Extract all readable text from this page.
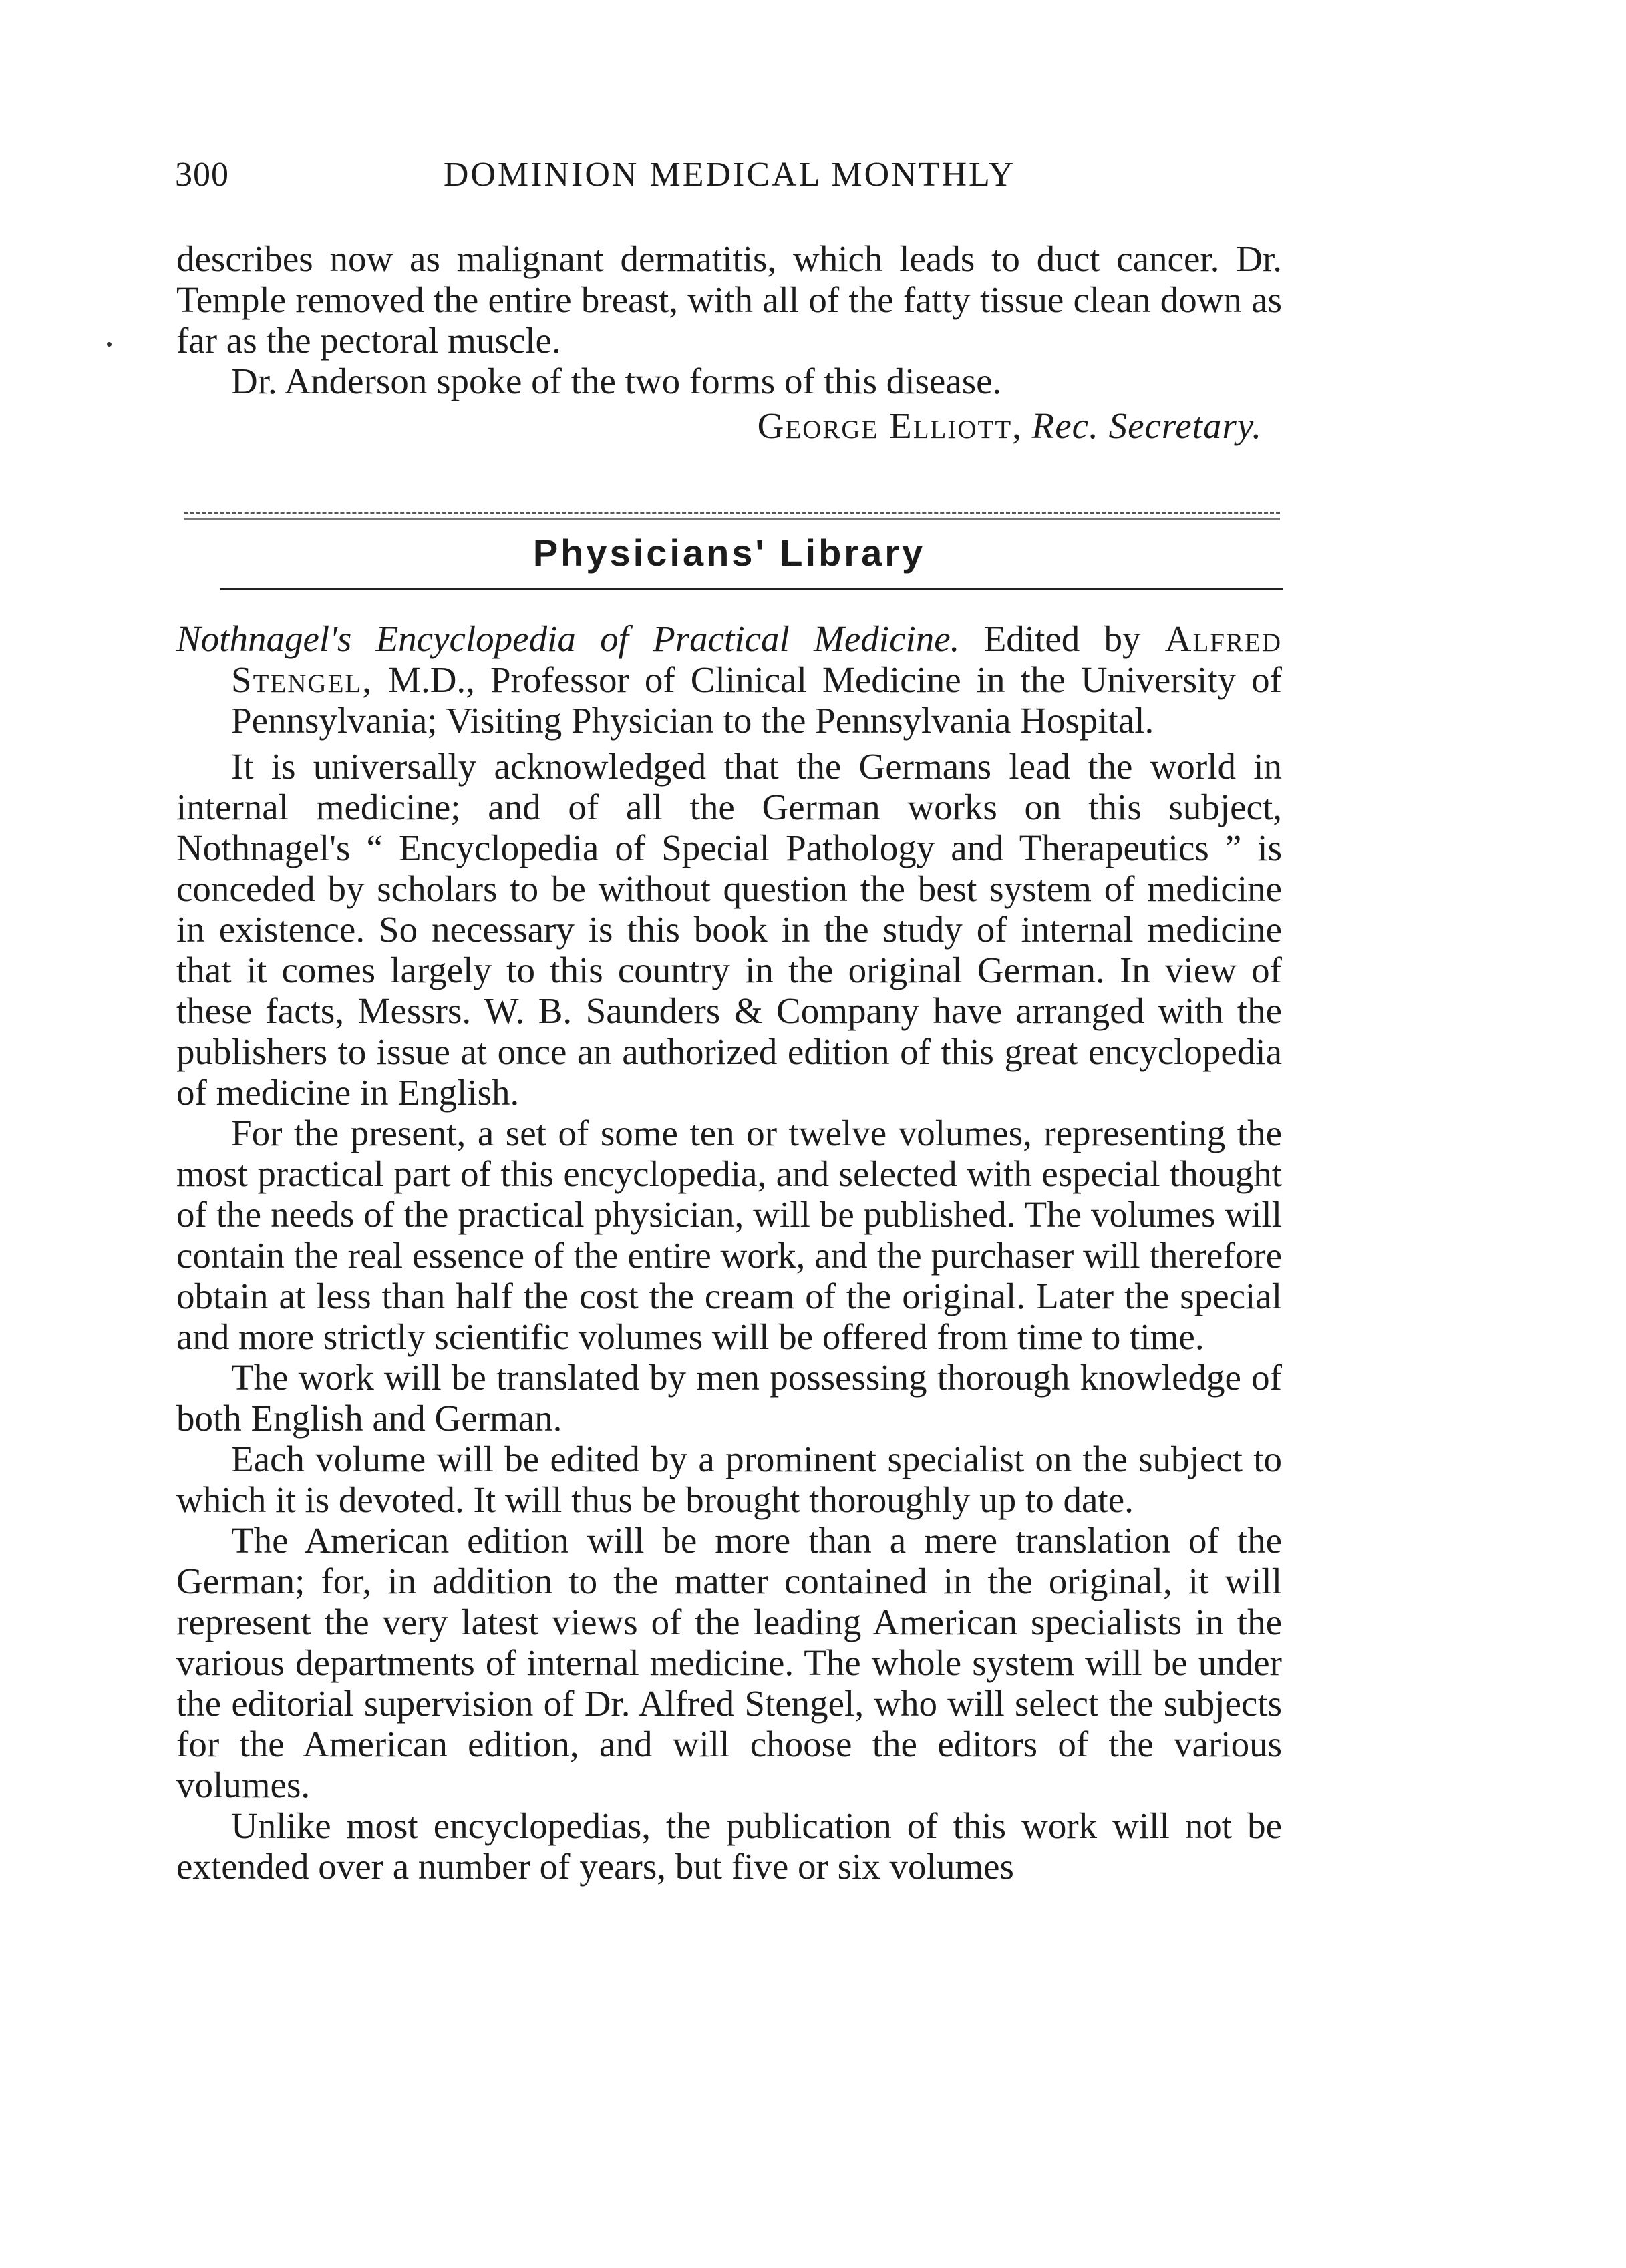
300	DOMINION MEDICAL MONTHLY

describes now as malignant dermatitis, which leads to duct cancer. Dr. Temple removed the entire breast, with all of the fatty tissue clean down as far as the pectoral muscle.

Dr. Anderson spoke of the two forms of this disease.

George Elliott, Rec. Secretary.

Physicians' Library

Nothnagel's Encyclopedia of Practical Medicine. Edited by Alfred Stengel, M.D., Professor of Clinical Medicine in the University of Pennsylvania; Visiting Physician to the Pennsylvania Hospital.

It is universally acknowledged that the Germans lead the world in internal medicine; and of all the German works on this subject, Nothnagel's “ Encyclopedia of Special Pathology and Therapeutics ” is conceded by scholars to be without question the best system of medicine in existence. So necessary is this book in the study of internal medicine that it comes largely to this country in the original German. In view of these facts, Messrs. W. B. Saunders & Company have arranged with the publishers to issue at once an authorized edition of this great encyclopedia of medicine in English.

For the present, a set of some ten or twelve volumes, representing the most practical part of this encyclopedia, and selected with especial thought of the needs of the practical physician, will be published. The volumes will contain the real essence of the entire work, and the purchaser will therefore obtain at less than half the cost the cream of the original. Later the special and more strictly scientific volumes will be offered from time to time.

The work will be translated by men possessing thorough knowledge of both English and German.

Each volume will be edited by a prominent specialist on the subject to which it is devoted. It will thus be brought thoroughly up to date.

The American edition will be more than a mere translation of the German; for, in addition to the matter contained in the original, it will represent the very latest views of the leading American specialists in the various departments of internal medicine. The whole system will be under the editorial supervision of Dr. Alfred Stengel, who will select the subjects for the American edition, and will choose the editors of the various volumes.

Unlike most encyclopedias, the publication of this work will not be extended over a number of years, but five or six volumes
